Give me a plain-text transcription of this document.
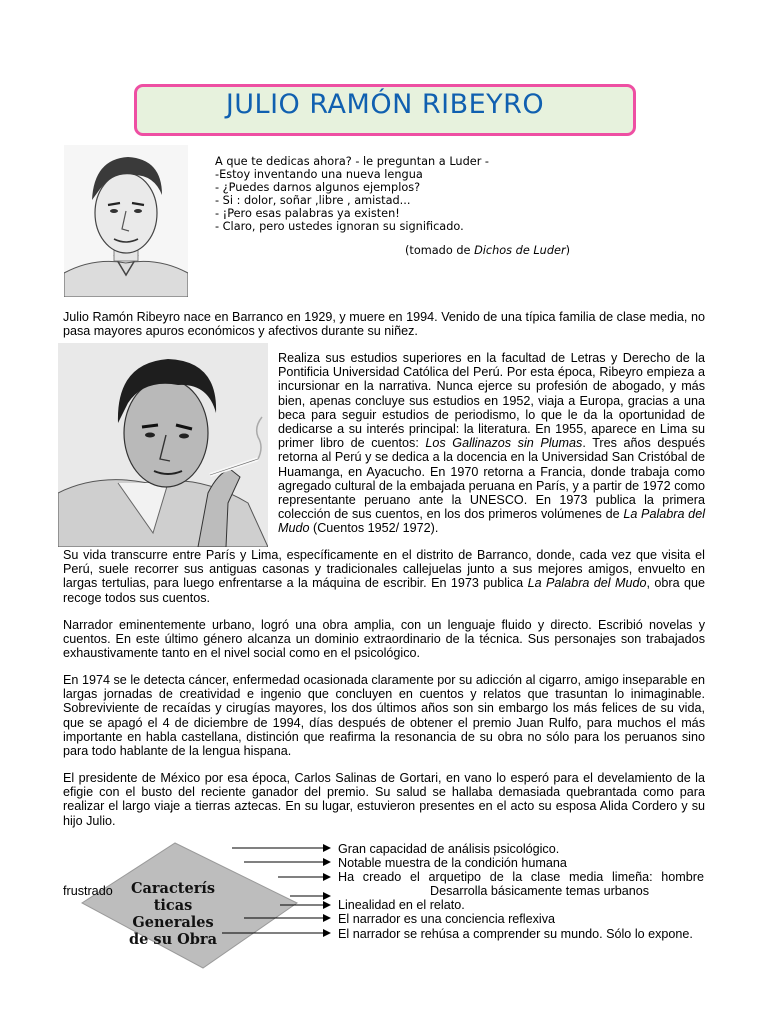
JULIO RAMÓN RIBEYRO
A que te dedicas ahora? - le preguntan a Luder -
-Estoy inventando una nueva lengua
- ¿Puedes darnos algunos ejemplos?
- Si : dolor, soñar ,libre , amistad...
- ¡Pero esas palabras ya existen!
- Claro, pero ustedes ignoran su significado.
(tomado de Dichos de Luder)
Julio Ramón Ribeyro nace en Barranco en 1929, y muere en 1994. Venido de una típica familia de clase media, no pasa mayores apuros económicos y afectivos durante su niñez.
Realiza sus estudios superiores en la facultad de Letras y Derecho de la Pontificia Universidad Católica del Perú. Por esta época, Ribeyro empieza a incursionar en la narrativa. Nunca ejerce su profesión de abogado, y más bien, apenas concluye sus estudios en 1952, viaja a Europa, gracias a una beca para seguir estudios de periodismo, lo que le da la oportunidad de dedicarse a su interés principal: la literatura. En 1955, aparece en Lima su primer libro de cuentos: Los Gallinazos sin Plumas. Tres años después retorna al Perú y se dedica a la docencia en la Universidad San Cristóbal de Huamanga, en Ayacucho. En 1970 retorna a Francia, donde trabaja como agregado cultural de la embajada peruana en París, y a partir de 1972 como representante peruano ante la UNESCO. En 1973 publica la primera colección de sus cuentos, en los dos primeros volúmenes de La Palabra del Mudo (Cuentos 1952/ 1972).
Su vida transcurre entre París y Lima, específicamente en el distrito de Barranco, donde, cada vez que visita el Perú, suele recorrer sus antiguas casonas y tradicionales callejuelas junto a sus mejores amigos, envuelto en largas tertulias, para luego enfrentarse a la máquina de escribir. En 1973 publica La Palabra del Mudo, obra que recoge todos sus cuentos.
Narrador eminentemente urbano, logró una obra amplia, con un lenguaje fluido y directo. Escribió novelas y cuentos. En este último género alcanza un dominio extraordinario de la técnica. Sus personajes son trabajados exhaustivamente tanto en el nivel social como en el psicológico.
En 1974 se le detecta cáncer, enfermedad ocasionada claramente por su adicción al cigarro, amigo inseparable en largas jornadas de creatividad e ingenio que concluyen en cuentos y relatos que trasuntan lo inimaginable. Sobreviviente de recaídas y cirugías mayores, los dos últimos años son sin embargo los más felices de su vida, que se apagó el 4 de diciembre de 1994, días después de obtener el premio Juan Rulfo, para muchos el más importante en habla castellana, distinción que reafirma la resonancia de su obra no sólo para los peruanos sino para todo hablante de la lengua hispana.
El presidente de México por esa época, Carlos Salinas de Gortari, en vano lo esperó para el develamiento de la efigie con el busto del reciente ganador del premio. Su salud se hallaba demasiada quebrantada como para realizar el largo viaje a tierras aztecas. En su lugar, estuvieron presentes en el acto su esposa Alida Cordero y su hijo Julio.
Caracterís
ticas
Generales
de su Obra
Gran capacidad de análisis psicológico.
Notable muestra de la condición humana
Ha creado el arquetipo de la clase media limeña: hombre
frustrado	Desarrolla básicamente temas urbanos
Linealidad en el relato.
El narrador es una conciencia reflexiva
El narrador se rehúsa a comprender su mundo. Sólo lo expone.
